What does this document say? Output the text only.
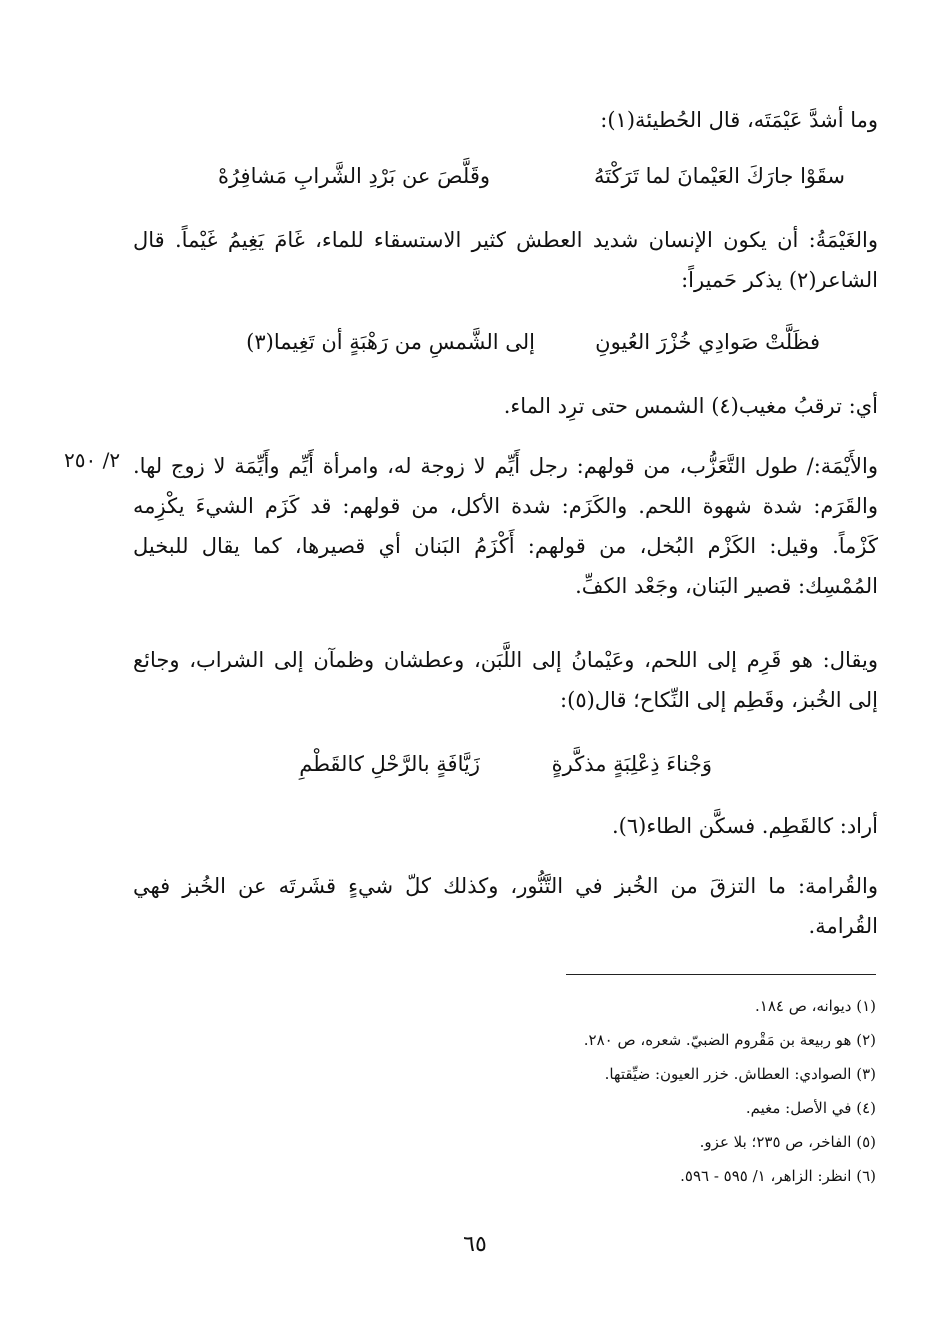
وما أشدَّ عَيْمَتَه، قال الحُطيئة(١):
سقَوْا جارَكَ العَيْمانَ لما تَرَكْتَهُ
وقَلَّصَ عن بَرْدِ الشَّرابِ مَشافِرُهْ
والغَيْمَةُ: أن يكون الإنسان شديد العطش كثير الاستسقاء للماء، غَامَ يَغِيمُ غَيْماً. قال الشاعر(٢) يذكر حَميراً:
فظَلَّتْ صَوادِي خُزْرَ العُيونِ
إلى الشَّمسِ من رَهْبَةٍ أن تَغِيما(٣)
أي: ترقبُ مغيب(٤) الشمس حتى ترِد الماء.
٢/ ٢٥٠ والأَيْمَة:/ طول التَّعَزُّب، من قولهم: رجل أَيِّم لا زوجة له، وامرأة أَيِّم وأَيِّمَة لا زوج لها. والقَرَم: شدة شهوة اللحم. والكَزَم: شدة الأكل، من قولهم: قد كَزَم الشيءَ يكْزِمه كَزْماً. وقيل: الكَزْم البُخل، من قولهم: أَكْزَمُ البَنان أي قصيرها، كما يقال للبخيل المُمْسِك: قصير البَنان، وجَعْد الكفِّ.
ويقال: هو قَرِم إلى اللحم، وعَيْمانُ إلى اللَّبَن، وعطشان وظمآن إلى الشراب، وجائع إلى الخُبز، وقَطِم إلى النِّكاح؛ قال(٥):
وَجْناءَ ذِعْلِبَةٍ مذكَّرةٍ
زَيَّافَةٍ بالرَّحْلِ كالقَطْمِ
أراد: كالقَطِم. فسكَّن الطاء(٦).
والقُرامة: ما التزقَ من الخُبز في التَّنُّور، وكذلك كلّ شيءٍ قشَرتَه عن الخُبز فهي القُرامة.
(١) ديوانه، ص ١٨٤.
(٢) هو ربيعة بن مَقْروم الضبيّ. شعره، ص ٢٨٠.
(٣) الصوادي: العطاش. خزر العيون: ضيِّقتها.
(٤) في الأصل: مغيم.
(٥) الفاخر، ص ٢٣٥؛ بلا عزو.
(٦) انظر: الزاهر، ١/ ٥٩٥ - ٥٩٦.
٦٥
